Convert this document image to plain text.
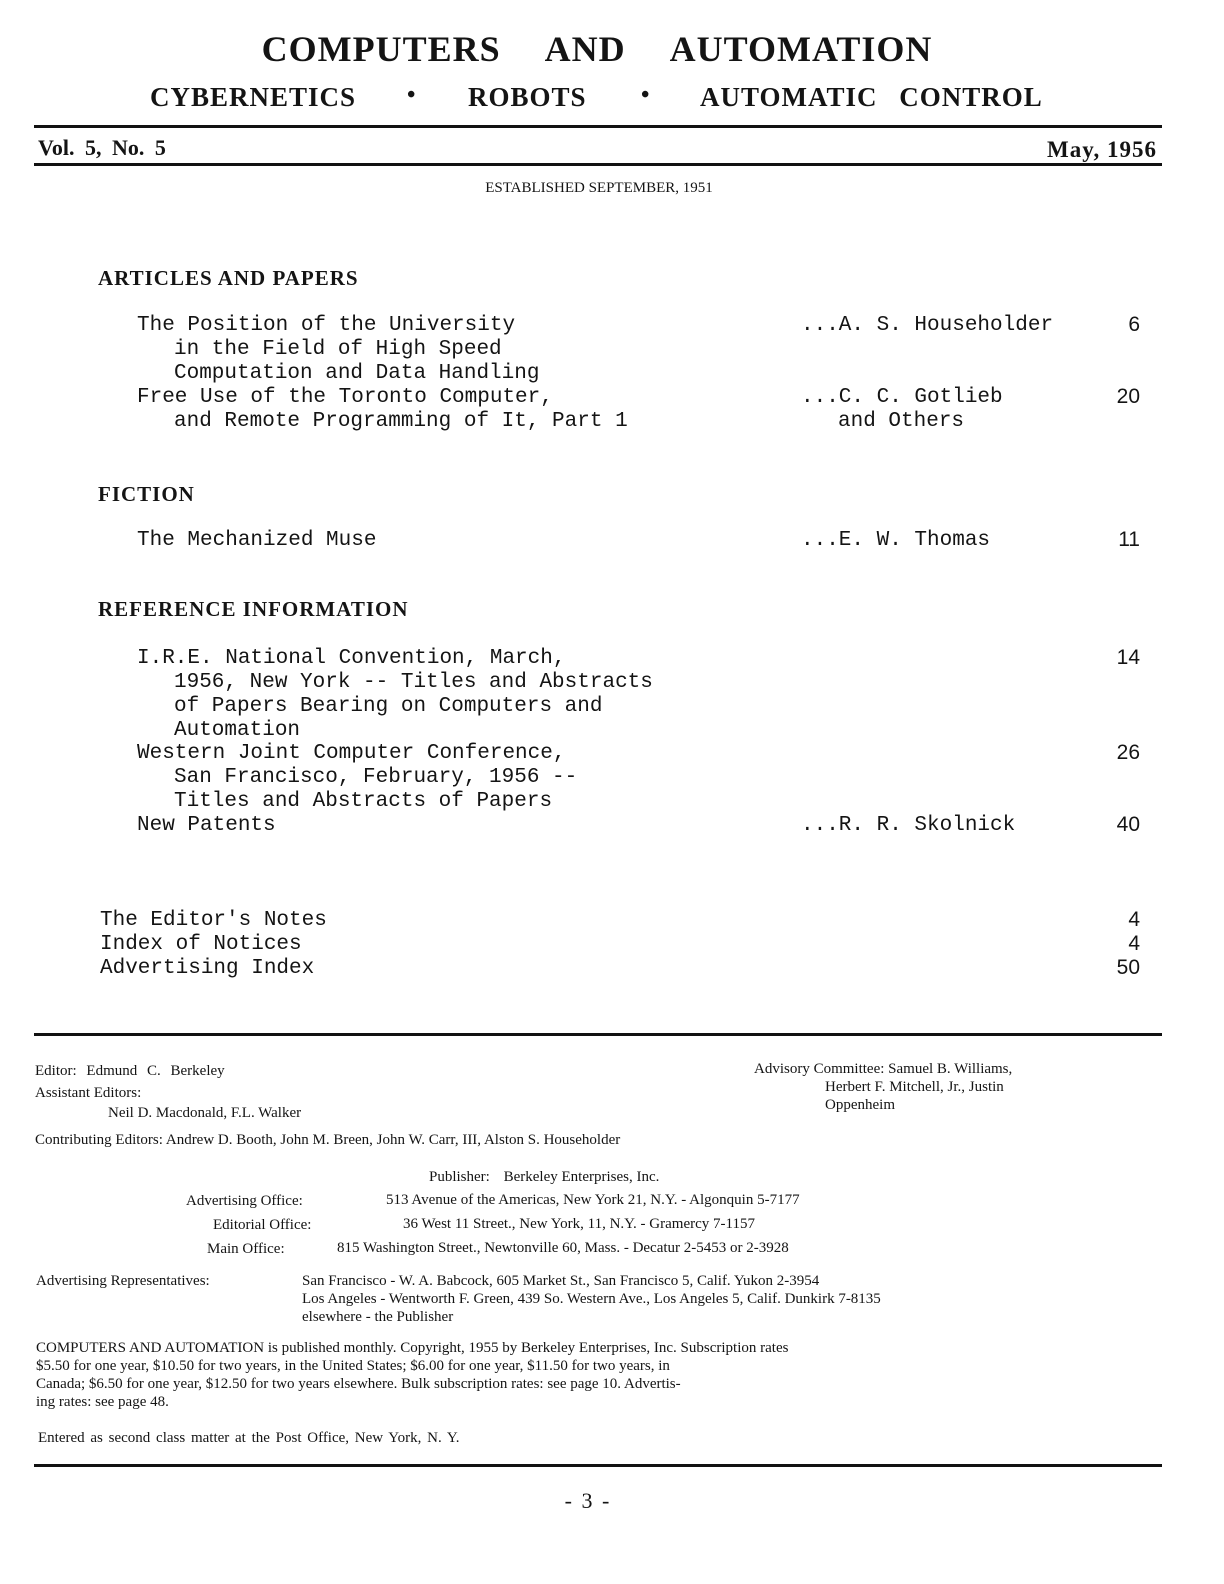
COMPUTERS AND AUTOMATION
CYBERNETICS • ROBOTS • AUTOMATIC CONTROL
Vol. 5, No. 5	May, 1956
ESTABLISHED SEPTEMBER, 1951
ARTICLES AND PAPERS
The Position of the University
in the Field of High Speed
Computation and Data Handling
...A. S. Householder	6
Free Use of the Toronto Computer,
and Remote Programming of It, Part 1
...C. C. Gotlieb
and Others
20
FICTION
The Mechanized Muse	...E. W. Thomas	11
REFERENCE INFORMATION
I.R.E. National Convention, March,
1956, New York -- Titles and Abstracts
of Papers Bearing on Computers and
Automation
14
Western Joint Computer Conference,
San Francisco, February, 1956 --
Titles and Abstracts of Papers
26
New Patents	...R. R. Skolnick	40
The Editor's Notes	4
Index of Notices	4
Advertising Index	50
Editor: Edmund C. Berkeley
Assistant Editors:
Neil D. Macdonald, F.L. Walker
Advisory Committee: Samuel B. Williams,
Herbert F. Mitchell, Jr., Justin
Oppenheim
Contributing Editors: Andrew D. Booth, John M. Breen, John W. Carr, III, Alston S. Householder
Publisher: Berkeley Enterprises, Inc.
Advertising Office:	513 Avenue of the Americas, New York 21, N.Y. - Algonquin 5-7177
Editorial Office:	36 West 11 Street., New York, 11, N.Y. - Gramercy 7-1157
Main Office:	815 Washington Street., Newtonville 60, Mass. - Decatur 2-5453 or 2-3928
Advertising Representatives:	San Francisco - W. A. Babcock, 605 Market St., San Francisco 5, Calif. Yukon 2-3954
Los Angeles - Wentworth F. Green, 439 So. Western Ave., Los Angeles 5, Calif. Dunkirk 7-8135
elsewhere - the Publisher
COMPUTERS AND AUTOMATION is published monthly. Copyright, 1955 by Berkeley Enterprises, Inc. Subscription rates
$5.50 for one year, $10.50 for two years, in the United States; $6.00 for one year, $11.50 for two years, in
Canada; $6.50 for one year, $12.50 for two years elsewhere. Bulk subscription rates: see page 10. Advertis-
ing rates: see page 48.
Entered as second class matter at the Post Office, New York, N. Y.
- 3 -
